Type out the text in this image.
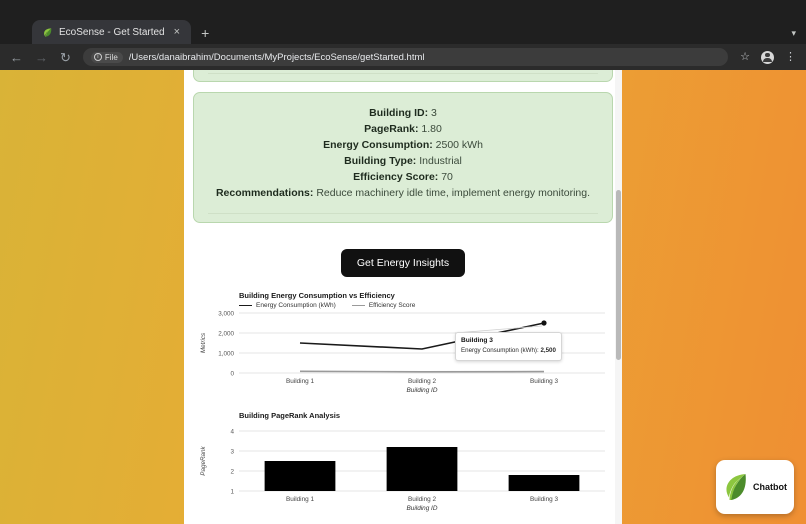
EcoSense - Get Started × +	▾
← → ↻	i File /Users/danaibrahim/Documents/MyProjects/EcoSense/getStarted.html	☆	⋮
Building ID: 3
PageRank: 1.80
Energy Consumption: 2500 kWh
Building Type: Industrial
Efficiency Score: 70
Recommendations: Reduce machinery idle time, implement energy monitoring.
Get Energy Insights
Building Energy Consumption vs Efficiency
Energy Consumption (kWh)	Efficiency Score
0
1,000
2,000
3,000
Building 1	Building 2	Building 3
Building ID
Metrics	Building 3
Energy Consumption (kWh): 2,500
Building PageRank Analysis
1
2
3
4
Building 1	Building 2	Building 3
Building ID
PageRank
Chatbot
